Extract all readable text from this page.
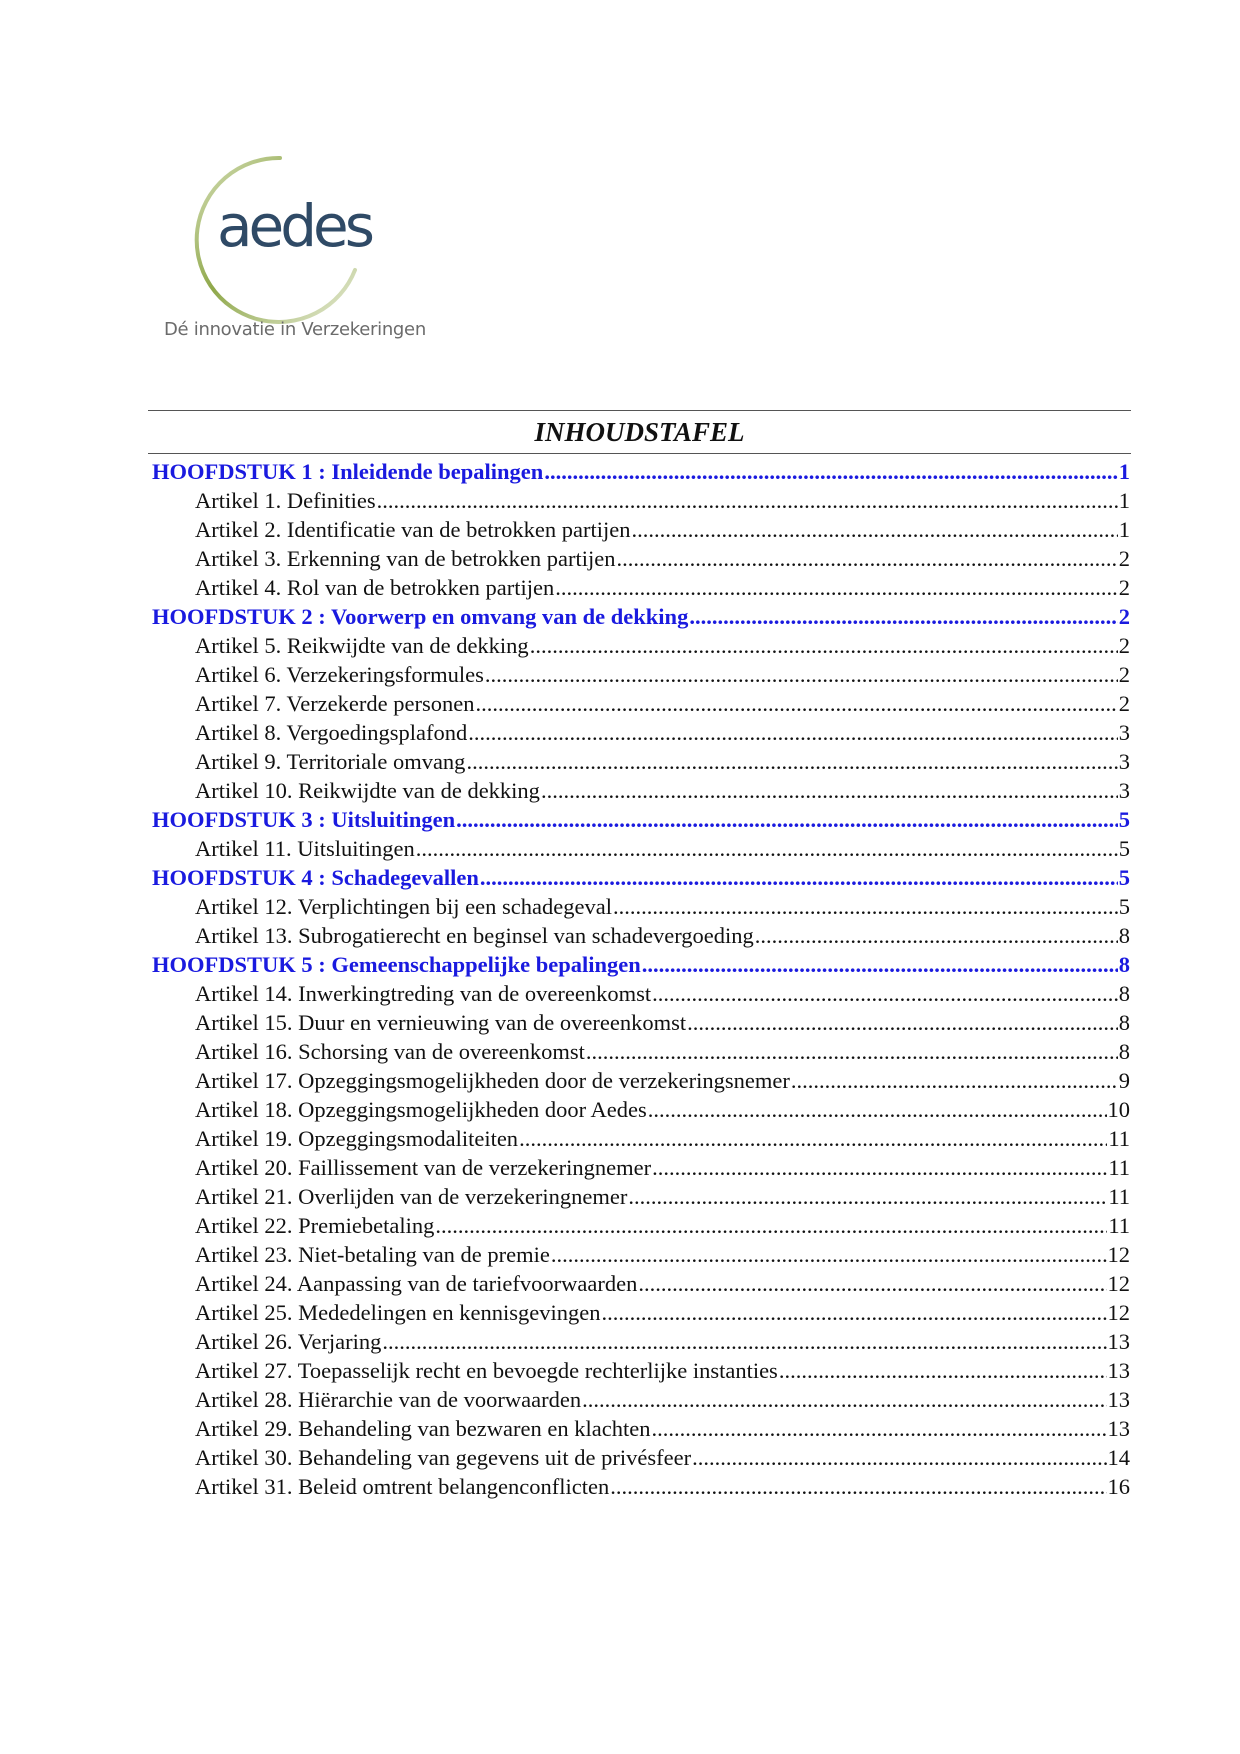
aedes
Dé innovatie in Verzekeringen
INHOUDSTAFEL
HOOFDSTUK 1 : Inleidende bepalingen .....	1
Artikel 1. Definities .....	1
Artikel 2. Identificatie van de betrokken partijen .....	1
Artikel 3. Erkenning van de betrokken partijen .....	2
Artikel 4. Rol van de betrokken partijen .....	2
HOOFDSTUK 2 : Voorwerp en omvang van de dekking .....	2
Artikel 5. Reikwijdte van de dekking .....	2
Artikel 6. Verzekeringsformules .....	2
Artikel 7. Verzekerde personen .....	2
Artikel 8. Vergoedingsplafond .....	3
Artikel 9. Territoriale omvang .....	3
Artikel 10. Reikwijdte van de dekking .....	3
HOOFDSTUK 3 : Uitsluitingen .....	5
Artikel 11. Uitsluitingen .....	5
HOOFDSTUK 4 : Schadegevallen .....	5
Artikel 12. Verplichtingen bij een schadegeval .....	5
Artikel 13. Subrogatierecht en beginsel van schadevergoeding .....	8
HOOFDSTUK 5 : Gemeenschappelijke bepalingen .....	8
Artikel 14. Inwerkingtreding van de overeenkomst .....	8
Artikel 15. Duur en vernieuwing van de overeenkomst .....	8
Artikel 16. Schorsing van de overeenkomst .....	8
Artikel 17. Opzeggingsmogelijkheden door de verzekeringsnemer .....	9
Artikel 18. Opzeggingsmogelijkheden door Aedes .....	10
Artikel 19. Opzeggingsmodaliteiten .....	11
Artikel 20. Faillissement van de verzekeringnemer .....	11
Artikel 21. Overlijden van de verzekeringnemer .....	11
Artikel 22. Premiebetaling .....	11
Artikel 23. Niet-betaling van de premie .....	12
Artikel 24. Aanpassing van de tariefvoorwaarden .....	12
Artikel 25. Mededelingen en kennisgevingen .....	12
Artikel 26. Verjaring .....	13
Artikel 27. Toepasselijk recht en bevoegde rechterlijke instanties .....	13
Artikel 28. Hiërarchie van de voorwaarden .....	13
Artikel 29. Behandeling van bezwaren en klachten .....	13
Artikel 30. Behandeling van gegevens uit de privésfeer .....	14
Artikel 31. Beleid omtrent belangenconflicten .....	16
